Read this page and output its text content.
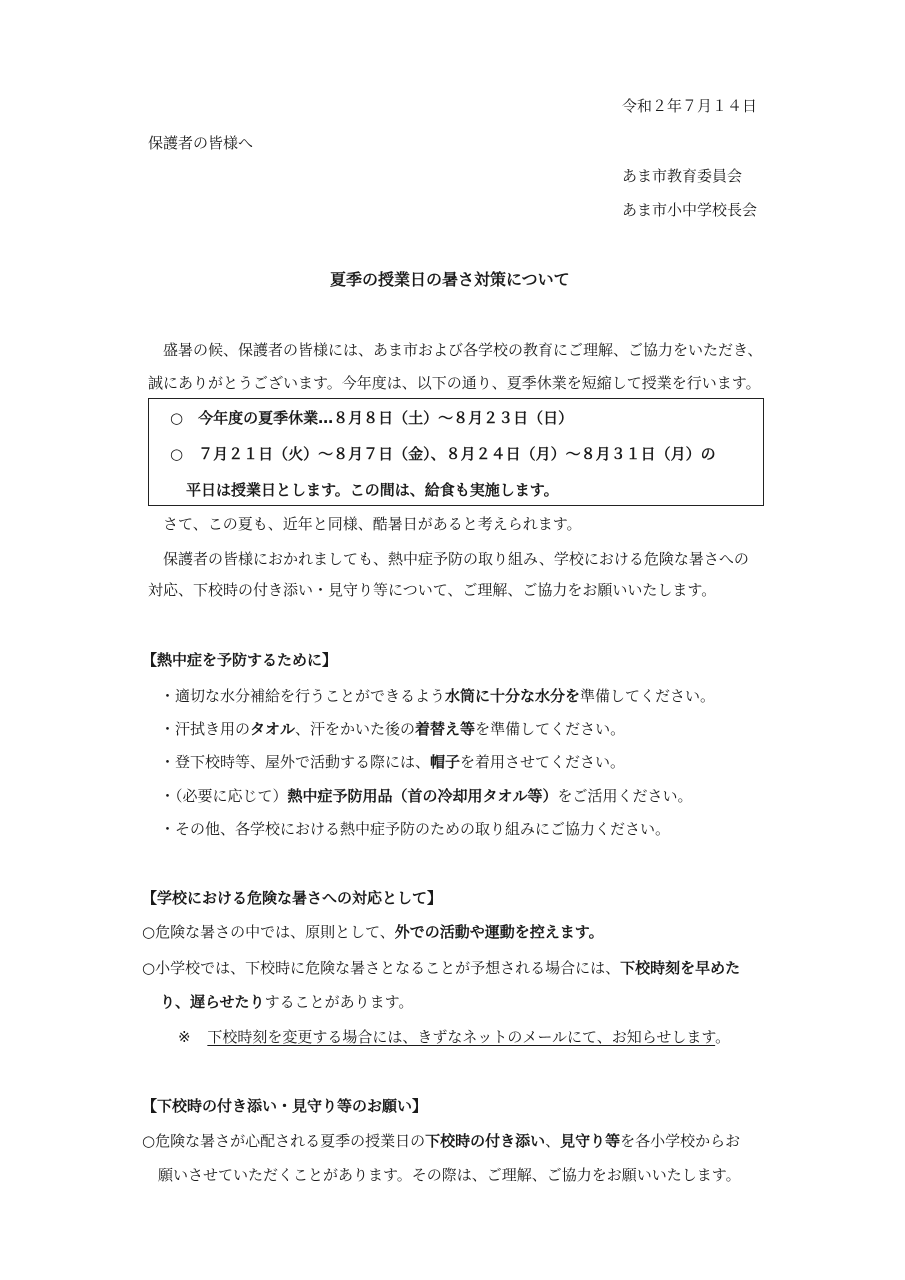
令和２年７月１４日
保護者の皆様へ
あま市教育委員会
あま市小中学校長会
夏季の授業日の暑さ対策について
盛暑の候、保護者の皆様には、あま市および各学校の教育にご理解、ご協力をいただき、
誠にありがとうございます。今年度は、以下の通り、夏季休業を短縮して授業を行います。
○　今年度の夏季休業…８月８日（土）～８月２３日（日）
○　７月２１日（火）～８月７日（金）、８月２４日（月）～８月３１日（月）の
平日は授業日とします。この間は、給食も実施します。
さて、この夏も、近年と同様、酷暑日があると考えられます。
保護者の皆様におかれましても、熱中症予防の取り組み、学校における危険な暑さへの
対応、下校時の付き添い・見守り等について、ご理解、ご協力をお願いいたします。
【熱中症を予防するために】
・適切な水分補給を行うことができるよう水筒に十分な水分を準備してください。
・汗拭き用のタオル、汗をかいた後の着替え等を準備してください。
・登下校時等、屋外で活動する際には、帽子を着用させてください。
・（必要に応じて）熱中症予防用品（首の冷却用タオル等）をご活用ください。
・その他、各学校における熱中症予防のための取り組みにご協力ください。
【学校における危険な暑さへの対応として】
○危険な暑さの中では、原則として、外での活動や運動を控えます。
○小学校では、下校時に危険な暑さとなることが予想される場合には、下校時刻を早めた
り、遅らせたりすることがあります。
※ 下校時刻を変更する場合には、きずなネットのメールにて、お知らせします。
【下校時の付き添い・見守り等のお願い】
○危険な暑さが心配される夏季の授業日の下校時の付き添い、見守り等を各小学校からお
願いさせていただくことがあります。その際は、ご理解、ご協力をお願いいたします。
